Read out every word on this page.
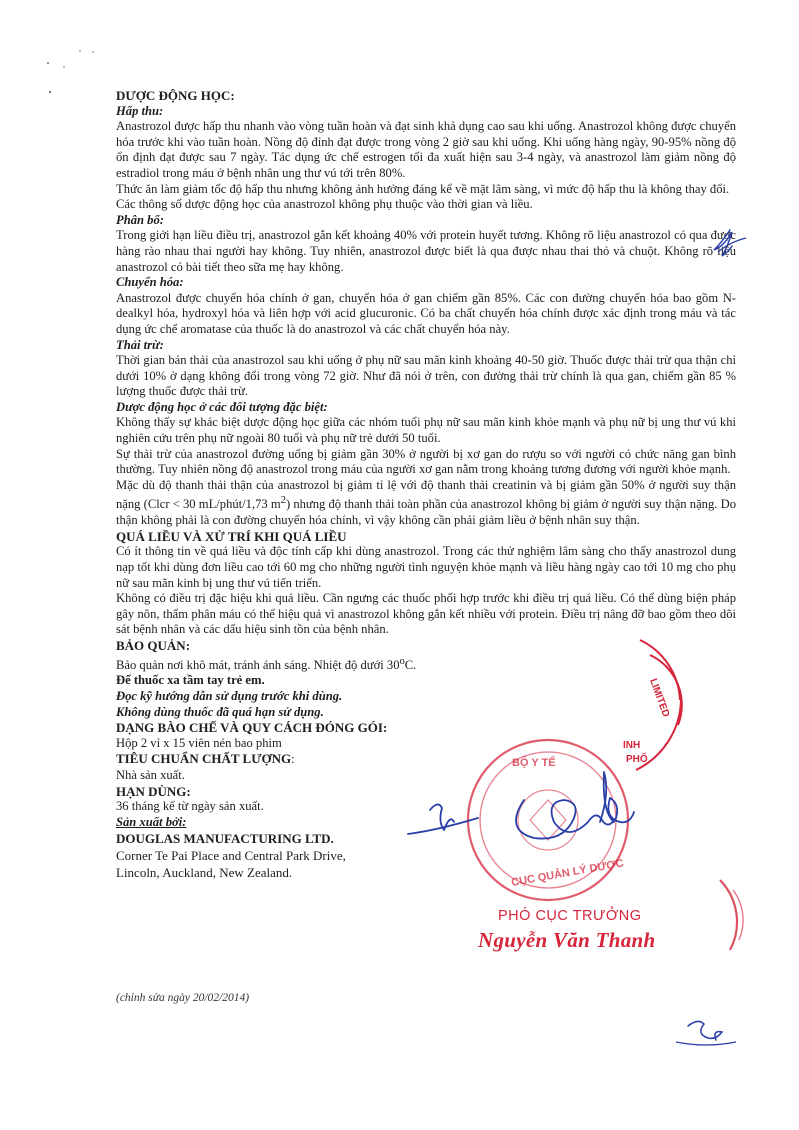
DƯỢC ĐỘNG HỌC:

Hấp thu:

Anastrozol được hấp thu nhanh vào vòng tuần hoàn và đạt sinh khả dụng cao sau khi uống. Anastrozol không được chuyển hóa trước khi vào tuần hoàn. Nồng độ đỉnh đạt được trong vòng 2 giờ sau khi uống. Khi uống hàng ngày, 90-95% nồng độ ổn định đạt được sau 7 ngày. Tác dụng ức chế estrogen tối đa xuất hiện sau 3-4 ngày, và anastrozol làm giảm nồng độ estradiol trong máu ở bệnh nhân ung thư vú tới trên 80%.

Thức ăn làm giảm tốc độ hấp thu nhưng không ảnh hưởng đáng kể về mặt lâm sàng, vì mức độ hấp thu là không thay đổi.

Các thông số dược động học của anastrozol không phụ thuộc vào thời gian và liều.

Phân bố:

Trong giới hạn liều điều trị, anastrozol gắn kết khoảng 40% với protein huyết tương. Không rõ liệu anastrozol có qua được hàng rào nhau thai người hay không. Tuy nhiên, anastrozol được biết là qua được nhau thai thỏ và chuột. Không rõ liệu anastrozol có bài tiết theo sữa mẹ hay không.

Chuyển hóa:

Anastrozol được chuyển hóa chính ở gan, chuyển hóa ở gan chiếm gần 85%. Các con đường chuyển hóa bao gồm N-dealkyl hóa, hydroxyl hóa và liên hợp với acid glucuronic. Có ba chất chuyển hóa chính được xác định trong máu và tác dụng ức chế aromatase của thuốc là do anastrozol và các chất chuyển hóa này.

Thải trừ:

Thời gian bán thải của anastrozol sau khi uống ở phụ nữ sau mãn kinh khoảng 40-50 giờ. Thuốc được thải trừ qua thận chỉ dưới 10% ở dạng không đổi trong vòng 72 giờ. Như đã nói ở trên, con đường thải trừ chính là qua gan, chiếm gần 85 % lượng thuốc được thải trừ.

Dược động học ở các đối tượng đặc biệt:

Không thấy sự khác biệt dược động học giữa các nhóm tuổi phụ nữ sau mãn kinh khỏe mạnh và phụ nữ bị ung thư vú khi nghiên cứu trên phụ nữ ngoài 80 tuổi và phụ nữ trẻ dưới 50 tuổi.

Sự thải trừ của anastrozol đường uống bị giảm gần 30% ở người bị xơ gan do rượu so với người có chức năng gan bình thường. Tuy nhiên nồng độ anastrozol trong máu của người xơ gan nằm trong khoảng tương đương với người khỏe mạnh.

Mặc dù độ thanh thải thận của anastrozol bị giảm tỉ lệ với độ thanh thải creatinin và bị giảm gần 50% ở người suy thận nặng (Clcr < 30 mL/phút/1,73 $m^2$) nhưng độ thanh thải toàn phần của anastrozol không bị giảm ở người suy thận nặng. Do thận không phải là con đường chuyển hóa chính, vì vậy không cần phải giảm liều ở bệnh nhân suy thận.

QUÁ LIỀU VÀ XỬ TRÍ KHI QUÁ LIỀU

Có ít thông tin về quá liều và độc tính cấp khi dùng anastrozol. Trong các thử nghiệm lâm sàng cho thấy anastrozol dung nạp tốt khi dùng đơn liều cao tới 60 mg cho những người tình nguyện khỏe mạnh và liều hàng ngày cao tới 10 mg cho phụ nữ sau mãn kinh bị ung thư vú tiến triển.

Không có điều trị đặc hiệu khi quá liều. Cần ngưng các thuốc phối hợp trước khi điều trị quá liều. Có thể dùng biện pháp gây nôn, thẩm phân máu có thể hiệu quả vì anastrozol không gắn kết nhiều với protein. Điều trị nâng đỡ bao gồm theo dõi sát bệnh nhân và các dấu hiệu sinh tồn của bệnh nhân.

BẢO QUẢN:

Bảo quản nơi khô mát, tránh ánh sáng. Nhiệt độ dưới 30$^o$C.

Để thuốc xa tầm tay trẻ em.

Đọc kỹ hướng dẫn sử dụng trước khi dùng.

Không dùng thuốc đã quá hạn sử dụng.

DẠNG BÀO CHẾ VÀ QUY CÁCH ĐÓNG GÓI:

Hộp 2 vỉ x 15 viên nén bao phim

TIÊU CHUẨN CHẤT LƯỢNG:

Nhà sản xuất.

HẠN DÙNG:

36 tháng kể từ ngày sản xuất.

Sản xuất bởi:

DOUGLAS MANUFACTURING LTD.

Corner Te Pai Place and Central Park Drive,

Lincoln, Auckland, New Zealand.

(chỉnh sửa ngày 20/02/2014)
LIMITED
PHỐ
INH
BỘ Y TẾ
CỤC QUẢN LÝ DƯỢC
PHÓ CỤC TRƯỞNG
Nguyễn Văn Thanh
